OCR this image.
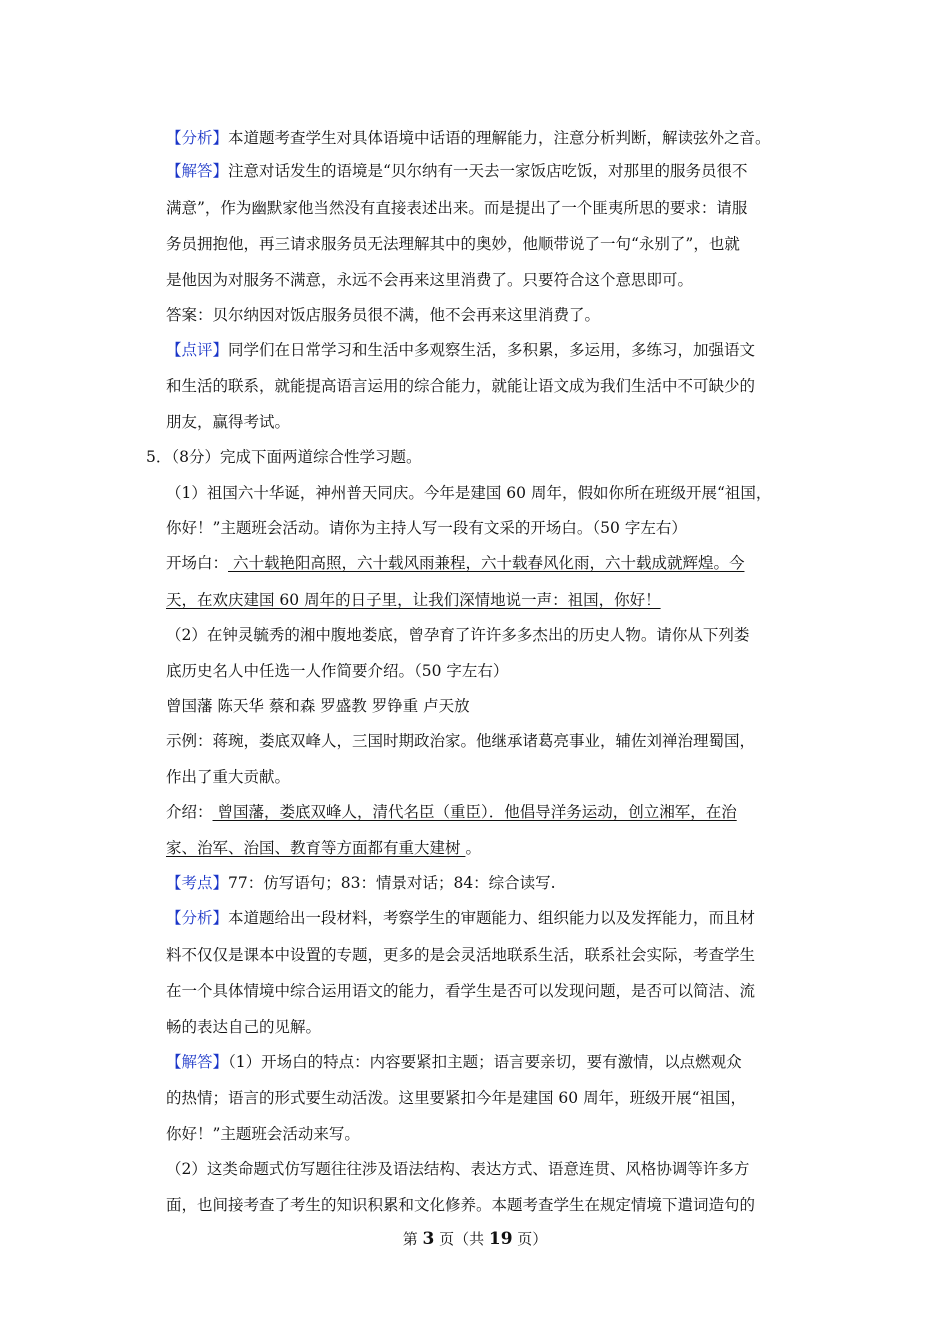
【分析】本道题考查学生对具体语境中话语的理解能力，注意分析判断，解读弦外之音。
【解答】注意对话发生的语境是“贝尔纳有一天去一家饭店吃饭，对那里的服务员很不
满意”，作为幽默家他当然没有直接表述出来。而是提出了一个匪夷所思的要求：请服
务员拥抱他，再三请求服务员无法理解其中的奥妙，他顺带说了一句“永别了”，也就
是他因为对服务不满意，永远不会再来这里消费了。只要符合这个意思即可。
答案：贝尔纳因对饭店服务员很不满，他不会再来这里消费了。
【点评】同学们在日常学习和生活中多观察生活，多积累，多运用，多练习，加强语文
和生活的联系，就能提高语言运用的综合能力，就能让语文成为我们生活中不可缺少的
朋友，赢得考试。
5．（8分）完成下面两道综合性学习题。
（1）祖国六十华诞，神州普天同庆。今年是建国 60 周年，假如你所在班级开展“祖国，
你好！”主题班会活动。请你为主持人写一段有文采的开场白。（50 字左右）
开场白： 六十载艳阳高照，六十载风雨兼程，六十载春风化雨，六十载成就辉煌。今
天，在欢庆建国 60 周年的日子里，让我们深情地说一声：祖国，你好！
（2）在钟灵毓秀的湘中腹地娄底，曾孕育了许许多多杰出的历史人物。请你从下列娄
底历史名人中任选一人作简要介绍。（50 字左右）
曾国藩 陈天华 蔡和森 罗盛教 罗铮重 卢天放
示例：蒋琬，娄底双峰人，三国时期政治家。他继承诸葛亮事业，辅佐刘禅治理蜀国，
作出了重大贡献。
介绍： 曾国藩，娄底双峰人，清代名臣（重臣）．他倡导洋务运动，创立湘军，在治
家、治军、治国、教育等方面都有重大建树 。
【考点】77：仿写语句；83：情景对话；84：综合读写.
【分析】本道题给出一段材料，考察学生的审题能力、组织能力以及发挥能力，而且材
料不仅仅是课本中设置的专题，更多的是会灵活地联系生活，联系社会实际，考查学生
在一个具体情境中综合运用语文的能力，看学生是否可以发现问题，是否可以简洁、流
畅的表达自己的见解。
【解答】（1）开场白的特点：内容要紧扣主题；语言要亲切，要有激情，以点燃观众
的热情；语言的形式要生动活泼。这里要紧扣今年是建国 60 周年，班级开展“祖国，
你好！”主题班会活动来写。
（2）这类命题式仿写题往往涉及语法结构、表达方式、语意连贯、风格协调等许多方
面，也间接考查了考生的知识积累和文化修养。本题考查学生在规定情境下遣词造句的
第 3 页（共 19 页）
